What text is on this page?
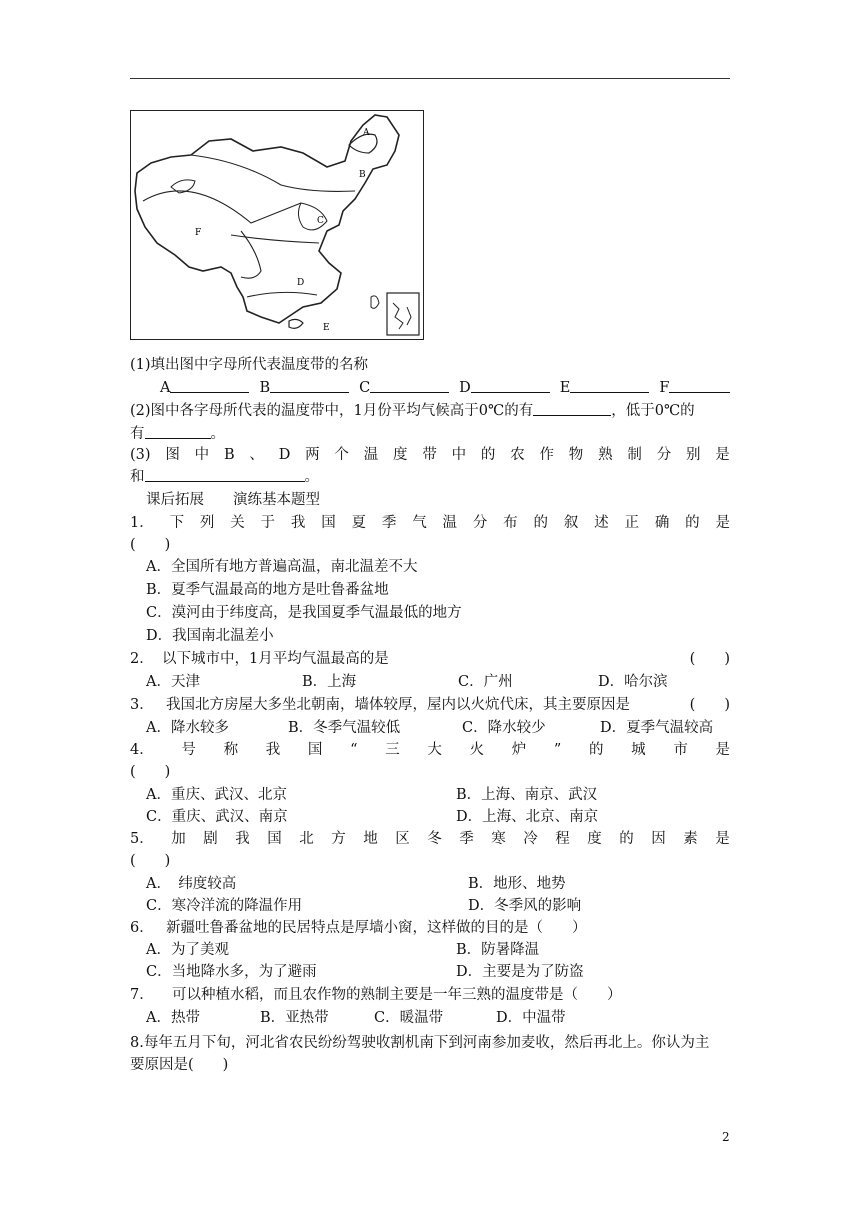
A
B
C
D
E
F
(1)填出图中字母所代表温度带的名称
A	B	C	D	E	F
(2)图中各字母所代表的温度带中，1月份平均气候高于0℃的有	，低于0℃的
有	。
(3) 图 中 B 、 D 两 个 温 度 带 中 的 农 作 物 熟 制 分 别 是
和	。
课后拓展　　演练基本题型
1． 下 列 关 于 我 国 夏 季 气 温 分 布 的 叙 述 正 确 的 是
(　　)
A．全国所有地方普遍高温，南北温差不大
B．夏季气温最高的地方是吐鲁番盆地
C．漠河由于纬度高，是我国夏季气温最低的地方
D．我国南北温差小
2． 以下城市中，1月平均气温最高的是	(　　)
A．天津	B．上海	C．广州	D．哈尔滨
3． 我国北方房屋大多坐北朝南，墙体较厚，屋内以火炕代床，其主要原因是	(　　)
A．降水较多	B．冬季气温较低	C．降水较少	D．夏季气温较高
4． 号 称 我 国 “ 三 大 火 炉 ” 的 城 市 是
(　　)
A．重庆、武汉、北京	B．上海、南京、武汉
C．重庆、武汉、南京	D．上海、北京、南京
5． 加 剧 我 国 北 方 地 区 冬 季 寒 冷 程 度 的 因 素 是
(　　)
A．　纬度较高	B．地形、地势
C．寒冷洋流的降温作用	D．冬季风的影响
6． 新疆吐鲁番盆地的民居特点是厚墙小窗，这样做的目的是（　　）
A．为了美观	B．防暑降温
C．当地降水多，为了避雨	D．主要是为了防盗
7．	可以种植水稻，而且农作物的熟制主要是一年三熟的温度带是（　　）
A．热带	B．亚热带	C．暖温带	D．中温带
8. 每年五月下旬，河北省农民纷纷驾驶收割机南下到河南参加麦收，然后再北上。你认为主
要原因是(　　)
2
